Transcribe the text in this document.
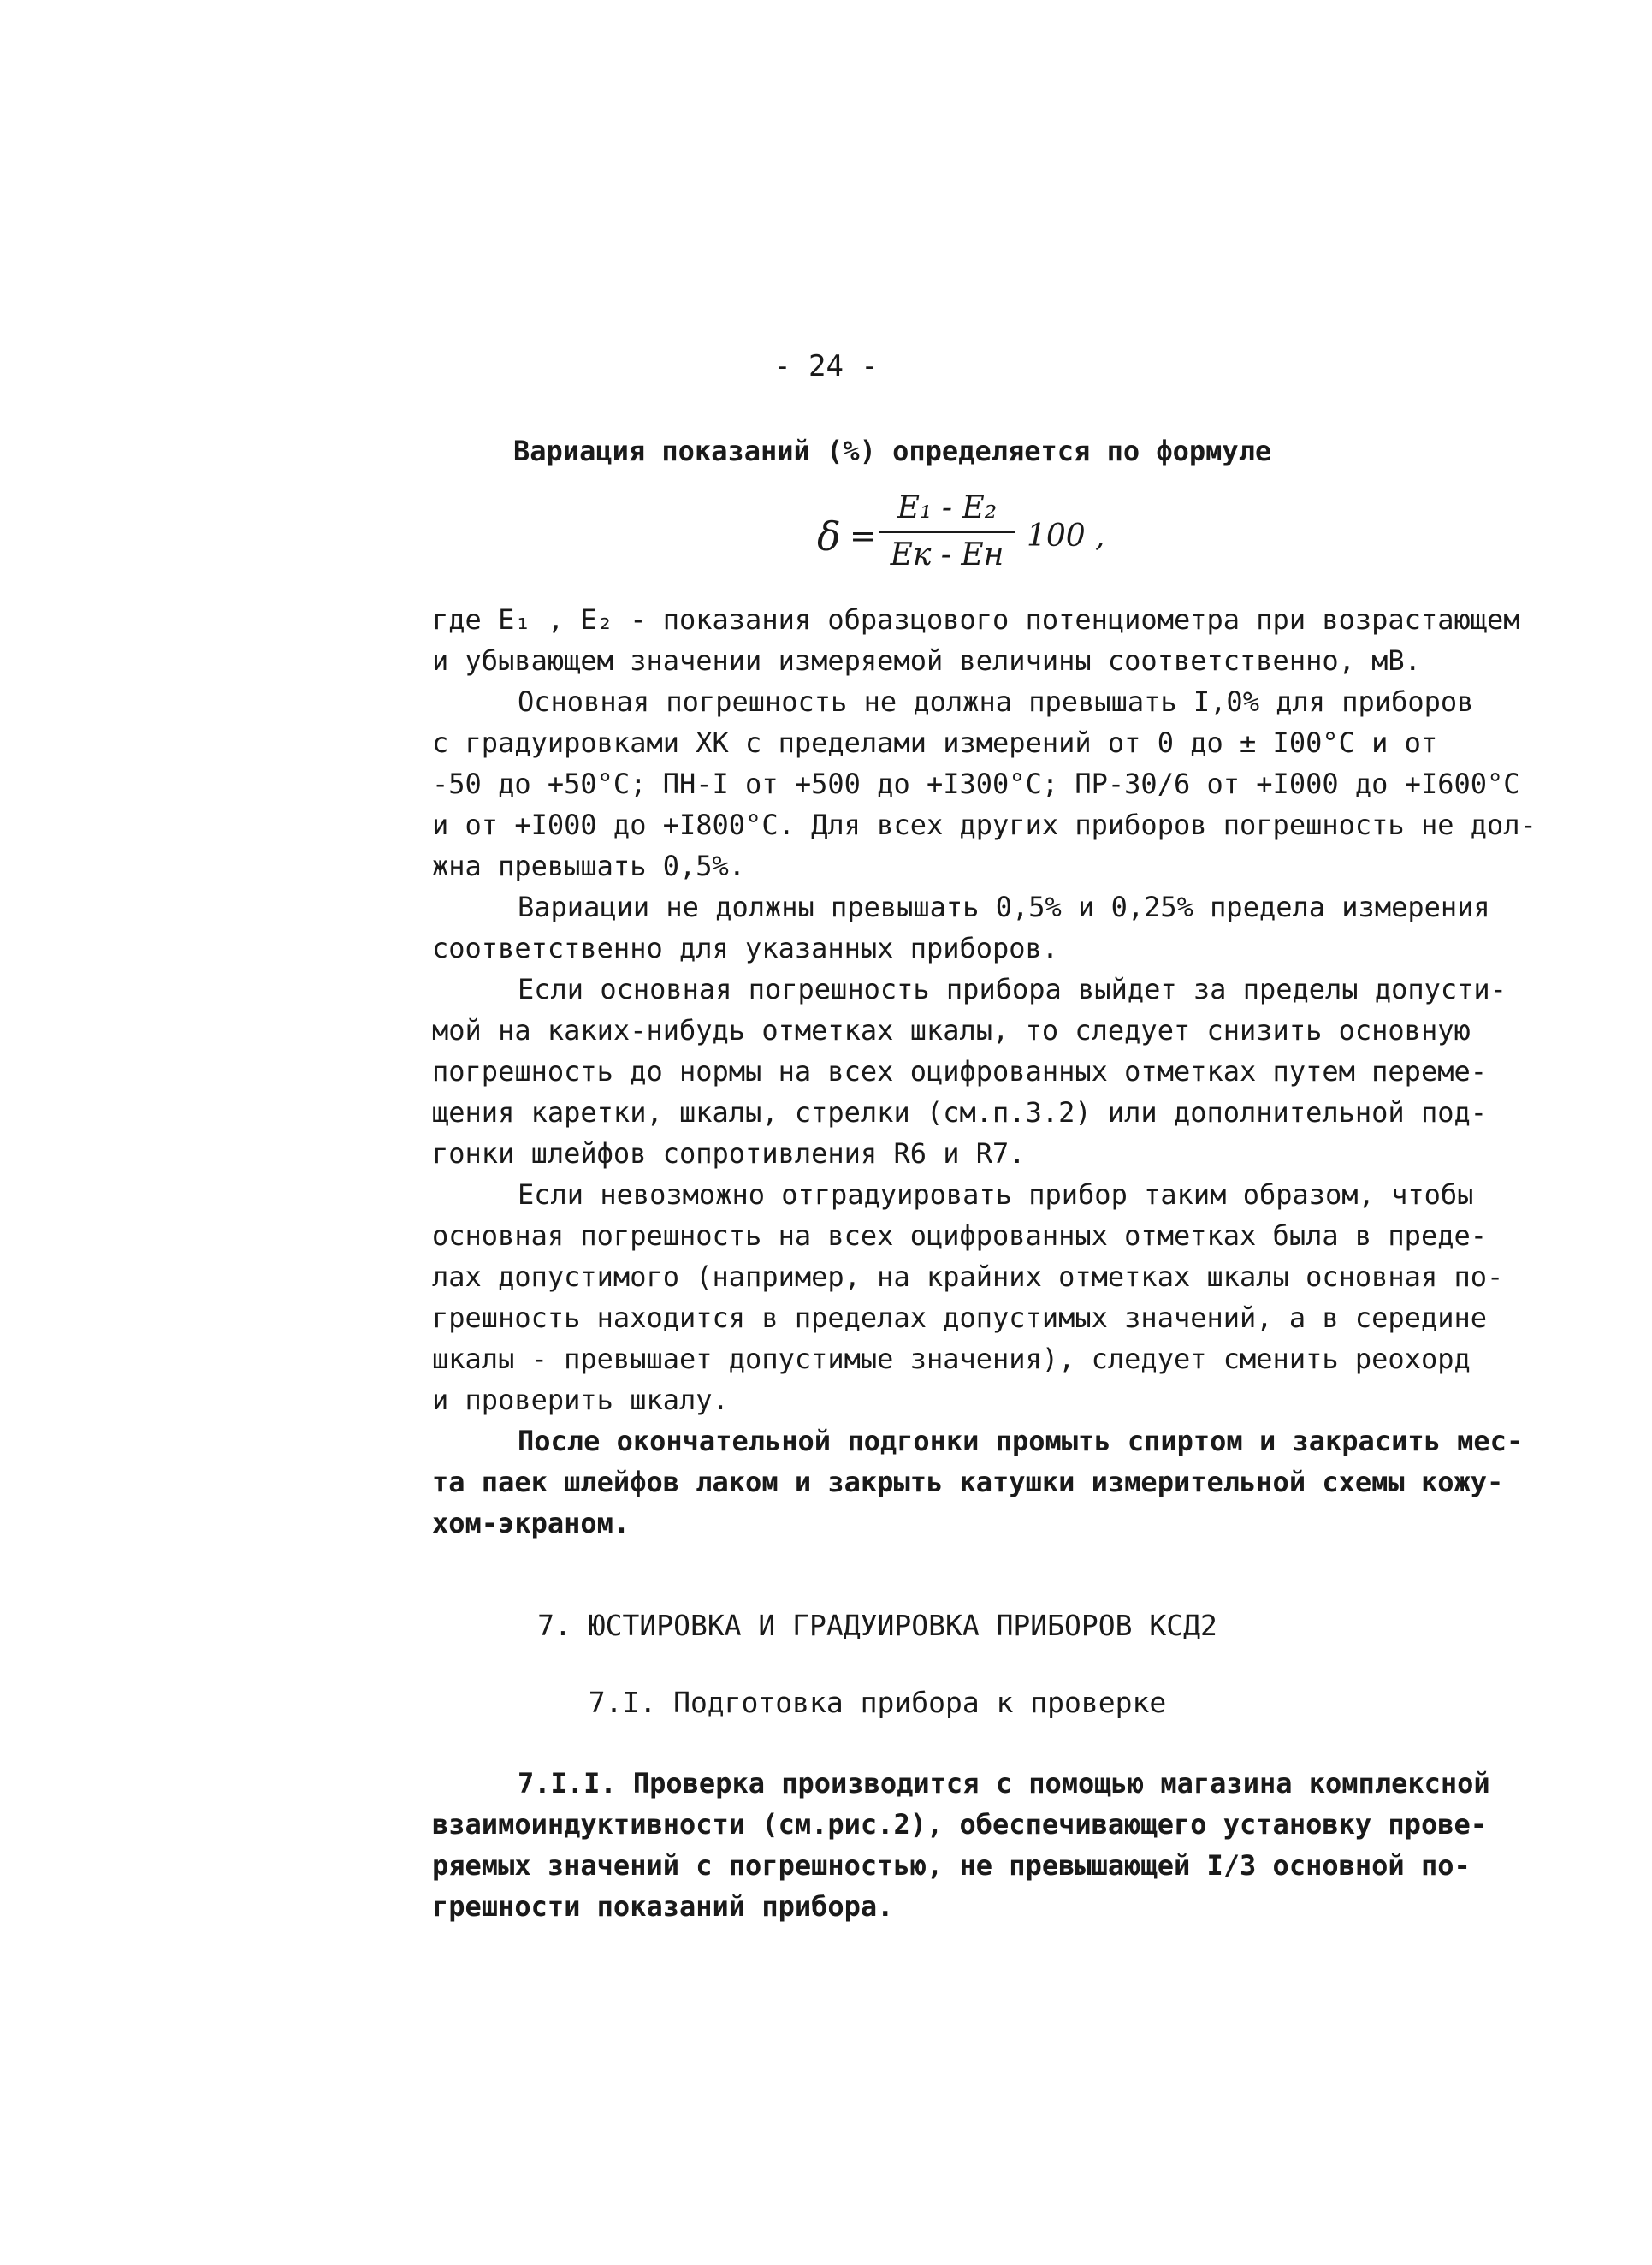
- 24 -
Вариация показаний (%) определяется по формуле
δ =
E₁ - E₂
Eк - Eн
100 ,

где E₁ , E₂ - показания образцового потенциометра при возрастающем
и убывающем значении измеряемой величины соответственно, мВ.

Основная погрешность не должна превышать I,0% для приборов
с градуировками ХК с пределами измерений от 0 до ± I00°С и от
-50 до +50°С; ПН-I от +500 до +I300°С; ПР-30/6 от +I000 до +I600°С
и от +I000 до +I800°С. Для всех других приборов погрешность не дол-
жна превышать 0,5%.

Вариации не должны превышать 0,5% и 0,25% предела измерения
соответственно для указанных приборов.

Если основная погрешность прибора выйдет за пределы допусти-
мой на каких-нибудь отметках шкалы, то следует снизить основную
погрешность до нормы на всех оцифрованных отметках путем переме-
щения каретки, шкалы, стрелки (см.п.3.2) или дополнительной под-
гонки шлейфов сопротивления R6 и R7.

Если невозможно отградуировать прибор таким образом, чтобы
основная погрешность на всех оцифрованных отметках была в преде-
лах допустимого (например, на крайних отметках шкалы основная по-
грешность находится в пределах допустимых значений, а в середине
шкалы - превышает допустимые значения), следует сменить реохорд
и проверить шкалу.

После окончательной подгонки промыть спиртом и закрасить мес-
та паек шлейфов лаком и закрыть катушки измерительной схемы кожу-
хом-экраном.

7. ЮСТИРОВКА И ГРАДУИРОВКА ПРИБОРОВ КСД2
7.I. Подготовка прибора к проверке

7.I.I. Проверка производится с помощью магазина комплексной
взаимоиндуктивности (см.рис.2), обеспечивающего установку прове-
ряемых значений с погрешностью, не превышающей I/3 основной по-
грешности показаний прибора.
